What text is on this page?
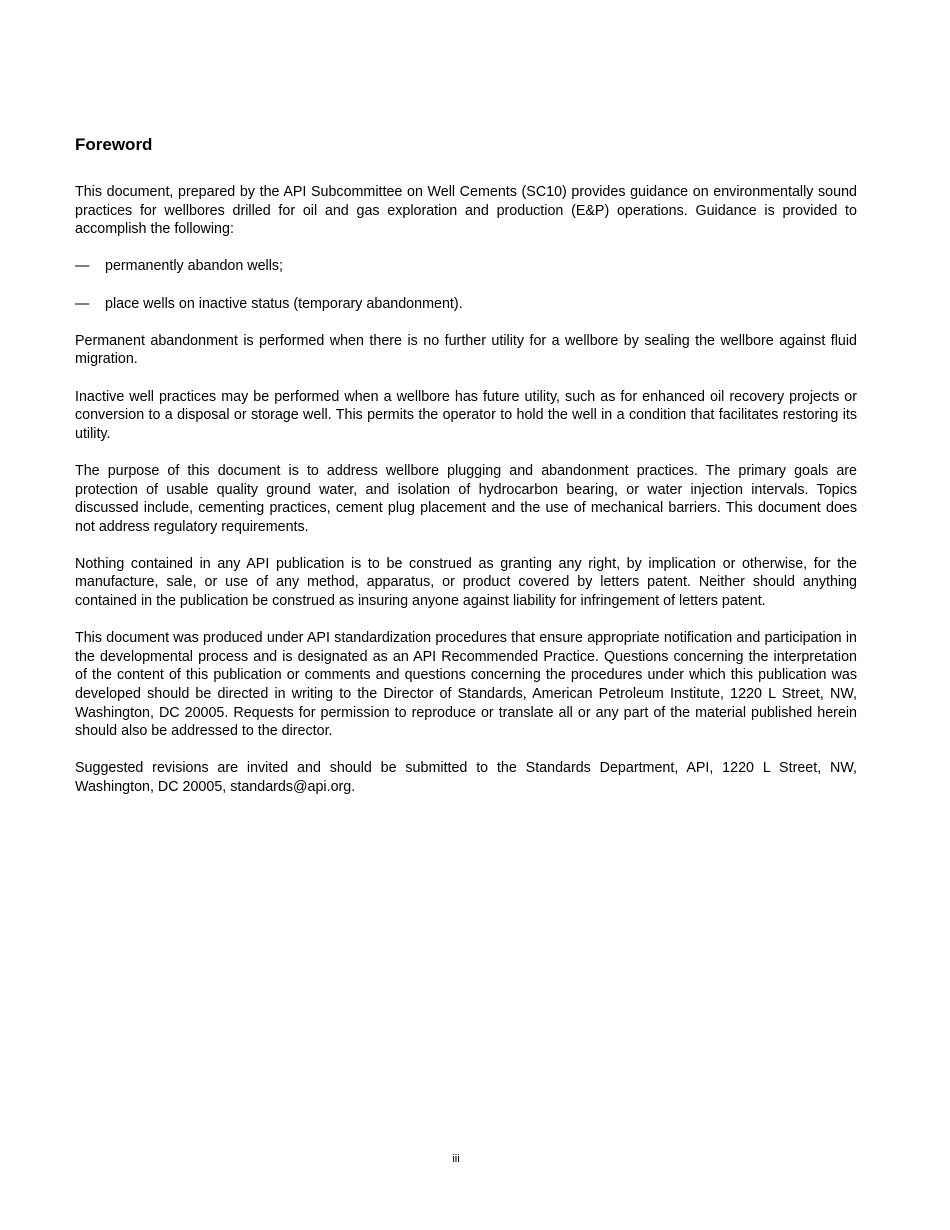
Foreword

This document, prepared by the API Subcommittee on Well Cements (SC10) provides guidance on environmentally sound practices for wellbores drilled for oil and gas exploration and production (E&P) operations. Guidance is provided to accomplish the following:

—	permanently abandon wells;
—	place wells on inactive status (temporary abandonment).

Permanent abandonment is performed when there is no further utility for a wellbore by sealing the wellbore against fluid migration.

Inactive well practices may be performed when a wellbore has future utility, such as for enhanced oil recovery projects or conversion to a disposal or storage well. This permits the operator to hold the well in a condition that facilitates restoring its utility.

The purpose of this document is to address wellbore plugging and abandonment practices. The primary goals are protection of usable quality ground water, and isolation of hydrocarbon bearing, or water injection intervals. Topics discussed include, cementing practices, cement plug placement and the use of mechanical barriers. This document does not address regulatory requirements.

Nothing contained in any API publication is to be construed as granting any right, by implication or otherwise, for the manufacture, sale, or use of any method, apparatus, or product covered by letters patent. Neither should anything contained in the publication be construed as insuring anyone against liability for infringement of letters patent.

This document was produced under API standardization procedures that ensure appropriate notification and participation in the developmental process and is designated as an API Recommended Practice. Questions concerning the interpretation of the content of this publication or comments and questions concerning the procedures under which this publication was developed should be directed in writing to the Director of Standards, American Petroleum Institute, 1220 L Street, NW, Washington, DC 20005. Requests for permission to reproduce or translate all or any part of the material published herein should also be addressed to the director.

Suggested revisions are invited and should be submitted to the Standards Department, API, 1220 L Street, NW, Washington, DC 20005, standards@api.org.

iii
